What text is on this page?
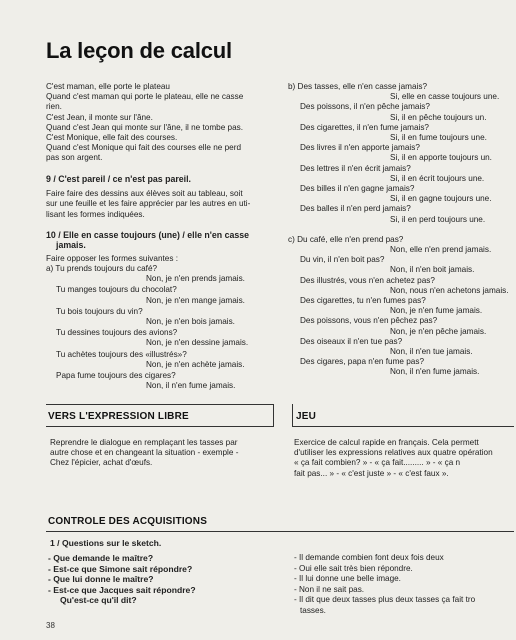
La leçon de calcul

C'est maman, elle porte le plateau

Quand c'est maman qui porte le plateau, elle ne casse

rien.

C'est Jean, il monte sur l'âne.

Quand c'est Jean qui monte sur l'âne, il ne tombe pas.

C'est Monique, elle fait des courses.

Quand c'est Monique qui fait des courses elle ne perd

pas son argent.

9 / C'est pareil / ce n'est pas pareil.

Faire faire des dessins aux élèves soit au tableau, soit

sur une feuille et les faire apprécier par les autres en uti-

lisant les formes indiquées.

10 / Elle en casse toujours (une) / elle n'en casse

jamais.

Faire opposer les formes suivantes :

a) Tu prends toujours du café?

Non, je n'en prends jamais.

Tu manges toujours du chocolat?

Non, je n'en mange jamais.

Tu bois toujours du vin?

Non, je n'en bois jamais.

Tu dessines toujours des avions?

Non, je n'en dessine jamais.

Tu achètes toujours des «illustrés»?

Non, je n'en achète jamais.

Papa fume toujours des cigares?

Non, il n'en fume jamais.

b) Des tasses, elle n'en casse jamais?

Si, elle en casse toujours une.

Des poissons, il n'en pêche jamais?

Si, il en pêche toujours un.

Des cigarettes, il n'en fume jamais?

Si, il en fume toujours une.

Des livres il n'en apporte jamais?

Si, il en apporte toujours un.

Des lettres il n'en écrit jamais?

Si, il en écrit toujours une.

Des billes il n'en gagne jamais?

Si, il en gagne toujours une.

Des balles il n'en perd jamais?

Si, il en perd toujours une.

c) Du café, elle n'en prend pas?

Non, elle n'en prend jamais.

Du vin, il n'en boit pas?

Non, il n'en boit jamais.

Des illustrés, vous n'en achetez pas?

Non, nous n'en achetons jamais.

Des cigarettes, tu n'en fumes pas?

Non, je n'en fume jamais.

Des poissons, vous n'en pêchez pas?

Non, je n'en pêche jamais.

Des oiseaux il n'en tue pas?

Non, il n'en tue jamais.

Des cigares, papa n'en fume pas?

Non, il n'en fume jamais.

VERS L'EXPRESSION LIBRE	JEU

Reprendre le dialogue en remplaçant les tasses par

autre chose et en changeant la situation - exemple -

Chez l'épicier, achat d'œufs.

Exercice de calcul rapide en français. Cela permett

d'utiliser les expressions relatives aux quatre opération

« ça fait combien? » - « ça fait......... » - « ça n

fait pas... » - « c'est juste » - « c'est faux ».

CONTROLE DES ACQUISITIONS
1 / Questions sur le sketch.

- Que demande le maître?

- Est-ce que Simone sait répondre?

- Que lui donne le maître?

- Est-ce que Jacques sait répondre?

Qu'est-ce qu'il dit?

- Il demande combien font deux fois deux

- Oui elle sait très bien répondre.

- Il lui donne une belle image.

- Non il ne sait pas.

- Il dit que deux tasses plus deux tasses ça fait tro

tasses.

38
